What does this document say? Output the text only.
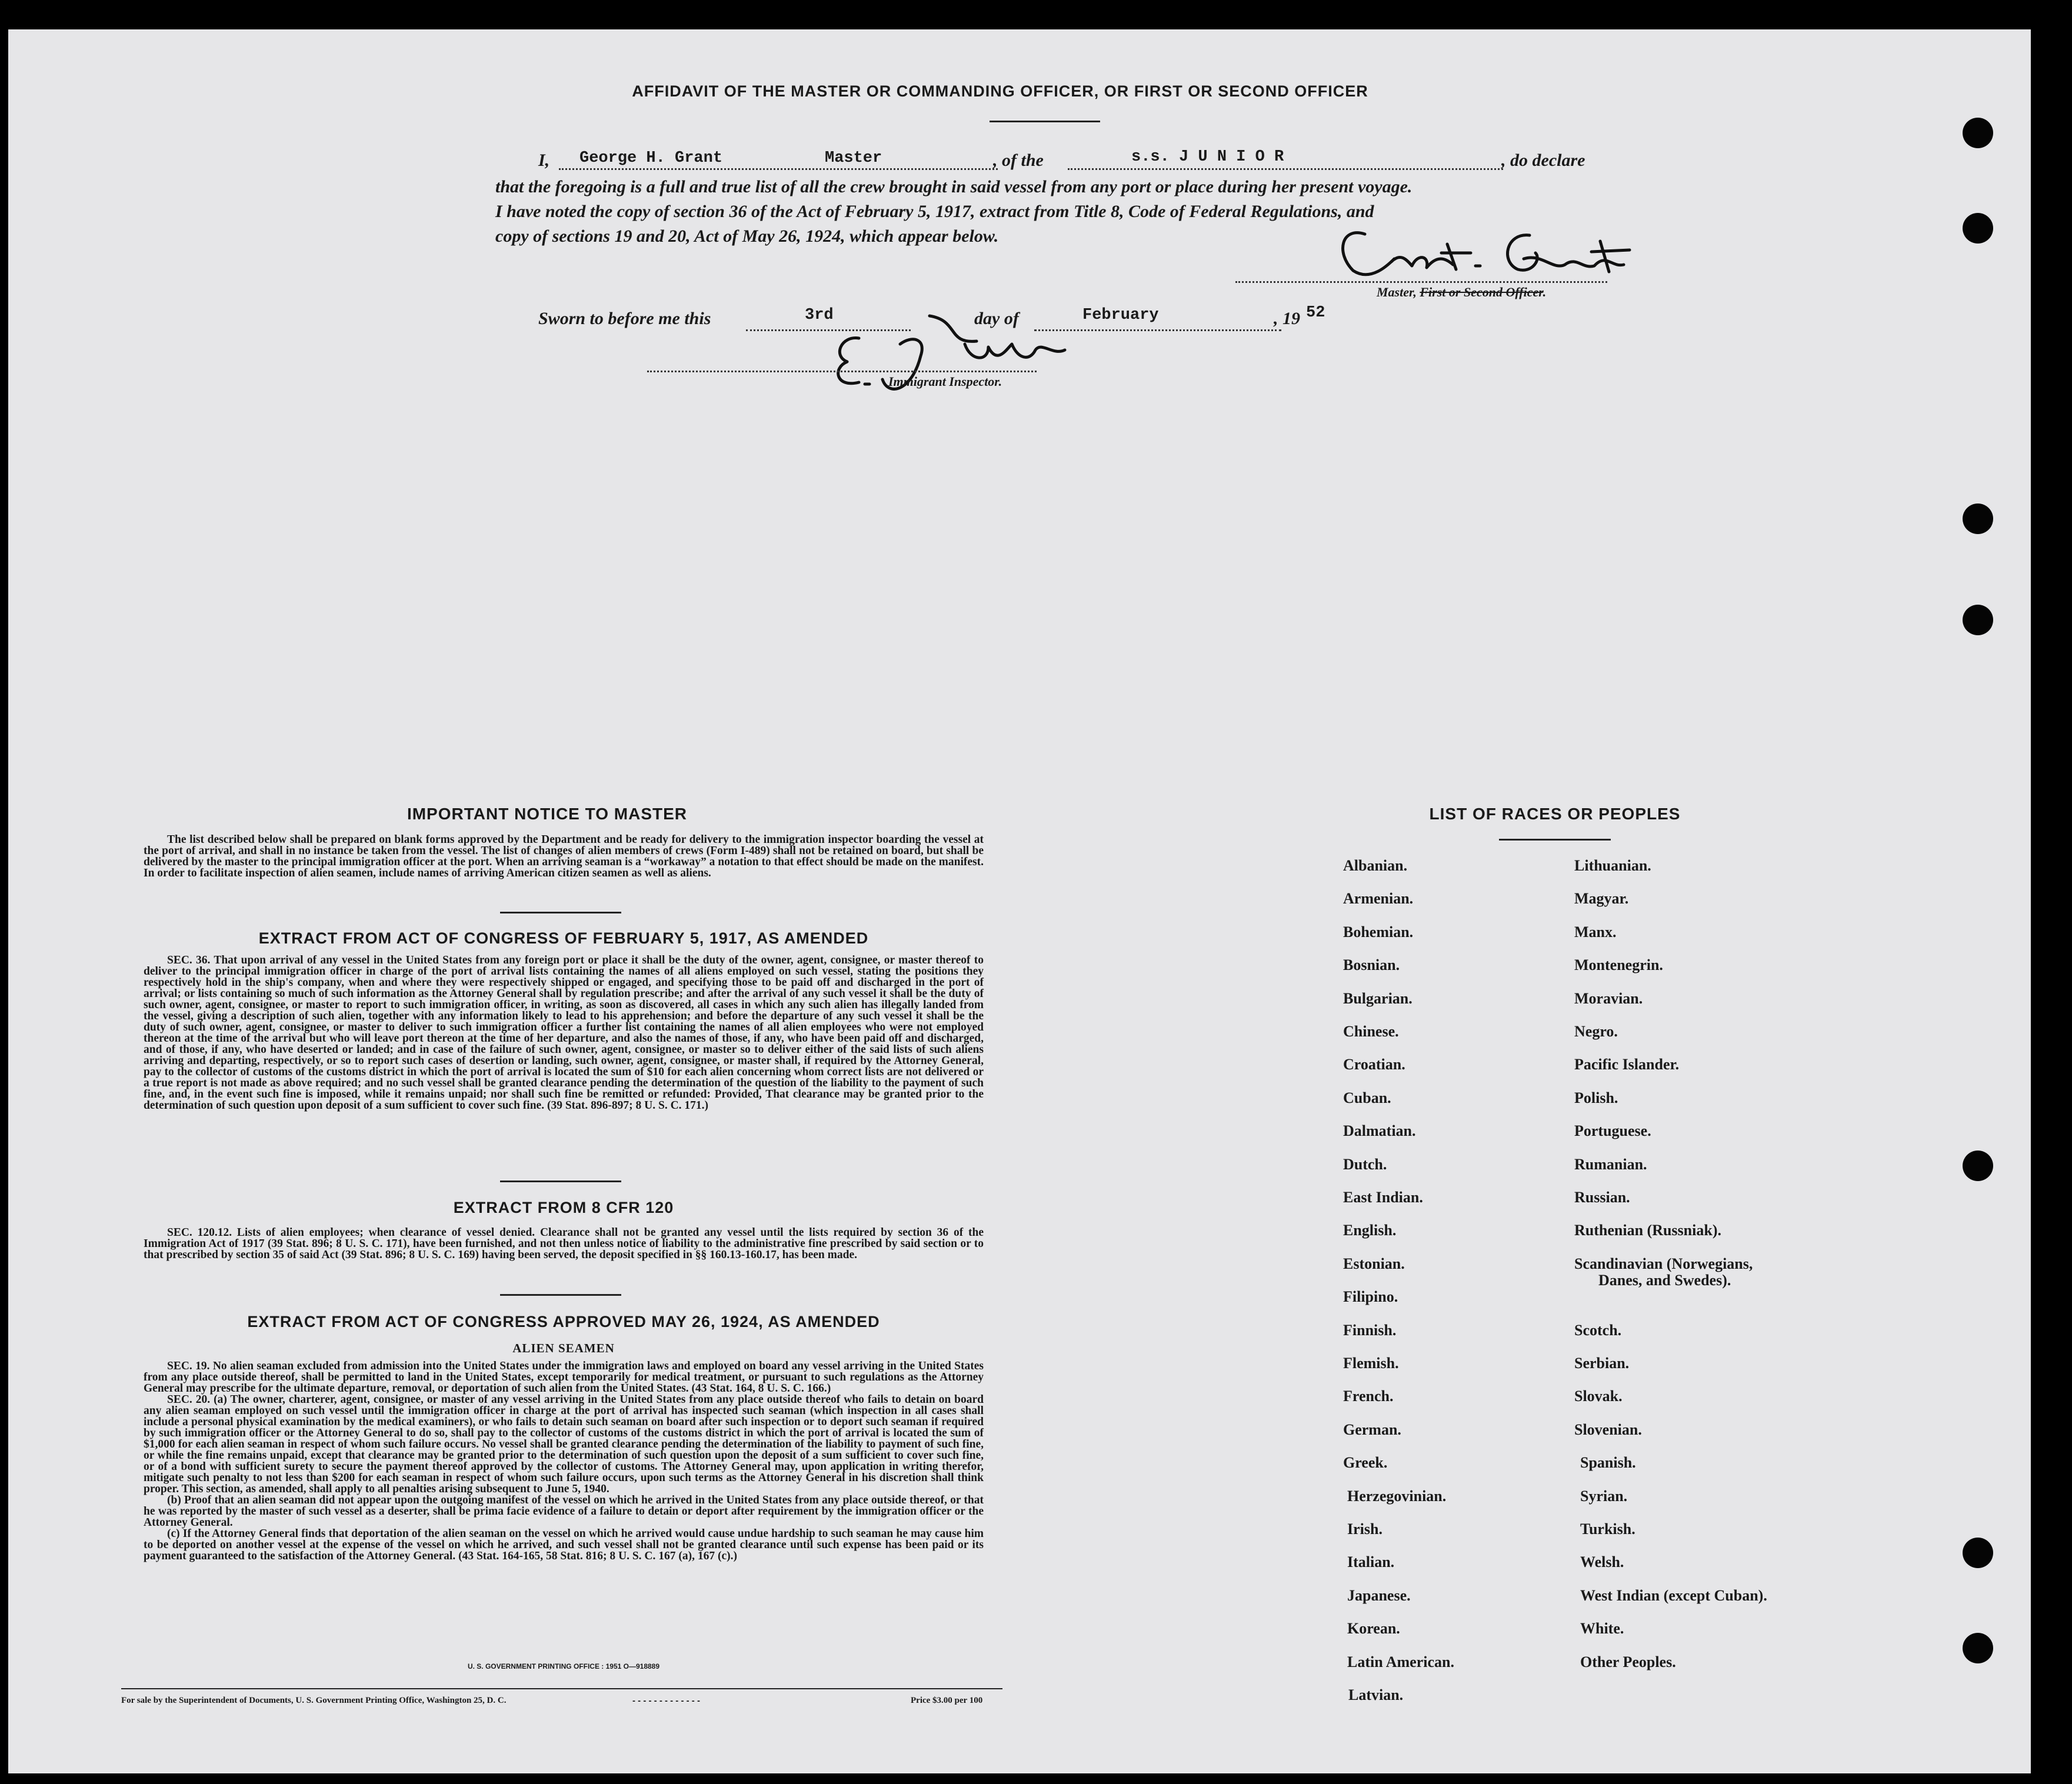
AFFIDAVIT OF THE MASTER OR COMMANDING OFFICER, OR FIRST OR SECOND OFFICER
I, George H. Grant	Master	, of the	s.s. J U N I O R	, do declare
that the foregoing is a full and true list of all the crew brought in said vessel from any port or place during her present voyage.
I have noted the copy of section 36 of the Act of February 5, 1917, extract from Title 8, Code of Federal Regulations, and
copy of sections 19 and 20, Act of May 26, 1924, which appear below.
Master, First or Second Officer.
Sworn to before me this	3rd	day of	February	, 19 52
Immigrant Inspector.
IMPORTANT NOTICE TO MASTER

The list described below shall be prepared on blank forms approved by the Department and be ready for delivery to the immigration inspector boarding the vessel at the port of arrival, and shall in no instance be taken from the vessel. The list of changes of alien members of crews (Form I-489) shall not be retained on board, but shall be delivered by the master to the principal immigration officer at the port. When an arriving seaman is a “workaway” a notation to that effect should be made on the manifest. In order to facilitate inspection of alien seamen, include names of arriving American citizen seamen as well as aliens.

EXTRACT FROM ACT OF CONGRESS OF FEBRUARY 5, 1917, AS AMENDED

SEC. 36. That upon arrival of any vessel in the United States from any foreign port or place it shall be the duty of the owner, agent, consignee, or master thereof to deliver to the principal immigration officer in charge of the port of arrival lists containing the names of all aliens employed on such vessel, stating the positions they respectively hold in the ship's company, when and where they were respectively shipped or engaged, and specifying those to be paid off and discharged in the port of arrival; or lists containing so much of such information as the Attorney General shall by regulation prescribe; and after the arrival of any such vessel it shall be the duty of such owner, agent, consignee, or master to report to such immigration officer, in writing, as soon as discovered, all cases in which any such alien has illegally landed from the vessel, giving a description of such alien, together with any information likely to lead to his apprehension; and before the departure of any such vessel it shall be the duty of such owner, agent, consignee, or master to deliver to such immigration officer a further list containing the names of all alien employees who were not employed thereon at the time of the arrival but who will leave port thereon at the time of her departure, and also the names of those, if any, who have been paid off and discharged, and of those, if any, who have deserted or landed; and in case of the failure of such owner, agent, consignee, or master so to deliver either of the said lists of such aliens arriving and departing, respectively, or so to report such cases of desertion or landing, such owner, agent, consignee, or master shall, if required by the Attorney General, pay to the collector of customs of the customs district in which the port of arrival is located the sum of $10 for each alien concerning whom correct lists are not delivered or a true report is not made as above required; and no such vessel shall be granted clearance pending the determination of the question of the liability to the payment of such fine, and, in the event such fine is imposed, while it remains unpaid; nor shall such fine be remitted or refunded: Provided, That clearance may be granted prior to the determination of such question upon deposit of a sum sufficient to cover such fine. (39 Stat. 896-897; 8 U. S. C. 171.)

EXTRACT FROM 8 CFR 120

SEC. 120.12. Lists of alien employees; when clearance of vessel denied. Clearance shall not be granted any vessel until the lists required by section 36 of the Immigration Act of 1917 (39 Stat. 896; 8 U. S. C. 171), have been furnished, and not then unless notice of liability to the administrative fine prescribed by said section or to that prescribed by section 35 of said Act (39 Stat. 896; 8 U. S. C. 169) having been served, the deposit specified in §§ 160.13-160.17, has been made.

EXTRACT FROM ACT OF CONGRESS APPROVED MAY 26, 1924, AS AMENDED
ALIEN SEAMEN

SEC. 19. No alien seaman excluded from admission into the United States under the immigration laws and employed on board any vessel arriving in the United States from any place outside thereof, shall be permitted to land in the United States, except temporarily for medical treatment, or pursuant to such regulations as the Attorney General may prescribe for the ultimate departure, removal, or deportation of such alien from the United States. (43 Stat. 164, 8 U. S. C. 166.)

SEC. 20. (a) The owner, charterer, agent, consignee, or master of any vessel arriving in the United States from any place outside thereof who fails to detain on board any alien seaman employed on such vessel until the immigration officer in charge at the port of arrival has inspected such seaman (which inspection in all cases shall include a personal physical examination by the medical examiners), or who fails to detain such seaman on board after such inspection or to deport such seaman if required by such immigration officer or the Attorney General to do so, shall pay to the collector of customs of the customs district in which the port of arrival is located the sum of $1,000 for each alien seaman in respect of whom such failure occurs. No vessel shall be granted clearance pending the determination of the liability to payment of such fine, or while the fine remains unpaid, except that clearance may be granted prior to the determination of such question upon the deposit of a sum sufficient to cover such fine, or of a bond with sufficient surety to secure the payment thereof approved by the collector of customs. The Attorney General may, upon application in writing therefor, mitigate such penalty to not less than $200 for each seaman in respect of whom such failure occurs, upon such terms as the Attorney General in his discretion shall think proper. This section, as amended, shall apply to all penalties arising subsequent to June 5, 1940.

(b) Proof that an alien seaman did not appear upon the outgoing manifest of the vessel on which he arrived in the United States from any place outside thereof, or that he was reported by the master of such vessel as a deserter, shall be prima facie evidence of a failure to detain or deport after requirement by the immigration officer or the Attorney General.

(c) If the Attorney General finds that deportation of the alien seaman on the vessel on which he arrived would cause undue hardship to such seaman he may cause him to be deported on another vessel at the expense of the vessel on which he arrived, and such vessel shall not be granted clearance until such expense has been paid or its payment guaranteed to the satisfaction of the Attorney General. (43 Stat. 164-165, 58 Stat. 816; 8 U. S. C. 167 (a), 167 (c).)

U. S. GOVERNMENT PRINTING OFFICE : 1951 O—918889
For sale by the Superintendent of Documents, U. S. Government Printing Office, Washington 25, D. C.	- - - - - - - - - - - - -	Price $3.00 per 100
LIST OF RACES OR PEOPLES
Albanian.
Armenian.
Bohemian.
Bosnian.
Bulgarian.
Chinese.
Croatian.
Cuban.
Dalmatian.
Dutch.
East Indian.
English.
Estonian.
Filipino.
Finnish.
Flemish.
French.
German.
Greek.
Herzegovinian.
Irish.
Italian.
Japanese.
Korean.
Latin American.
Latvian.
Lithuanian.
Magyar.
Manx.
Montenegrin.
Moravian.
Negro.
Pacific Islander.
Polish.
Portuguese.
Rumanian.
Russian.
Ruthenian (Russniak).
Scandinavian (Norwegians,
Danes, and Swedes).
Scotch.
Serbian.
Slovak.
Slovenian.
Spanish.
Syrian.
Turkish.
Welsh.
West Indian (except Cuban).
White.
Other Peoples.
